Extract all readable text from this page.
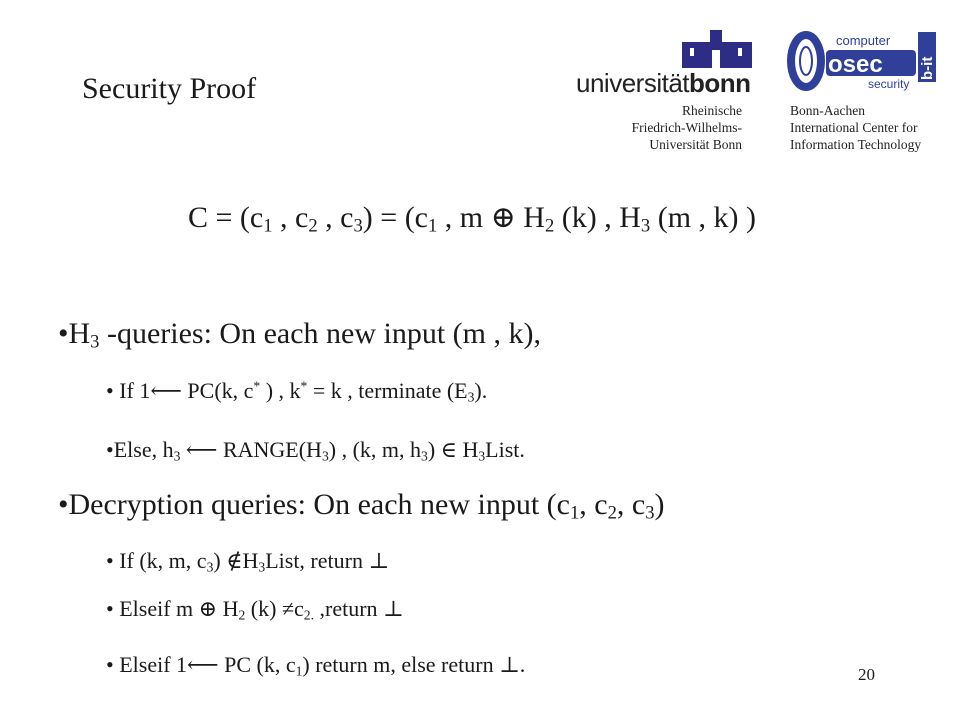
Security Proof	universitätbonn
Rheinische
Friedrich-Wilhelms-
Universität Bonn
osec
computer
security
b-it
Bonn-Aachen
International Center for
Information Technology
$C = (c_1$ , $c_2$ , $c_3) = (c_1$ , m ⊕ $H_2$ (k) , $H_3$ (m , k) )
$•H_3$ -queries: On each new input (m , k),
• If 1⟵ PC(k, c* ) , k* = k , terminate $(E_3)$.
•Else, $h_3$ ⟵ $RANGE(H_3)$ , (k, m, $h_3$) ∈ $H_3List$.
•Decryption queries: On each new input ($c_1$, $c_2$, $c_3$)
• If (k, m, $c_3$) $\notin H_3List$, return ⊥
• Elseif m ⊕ $H_2$ $(k) \ne c_{2.}$ ,return ⊥
• Elseif 1⟵ PC (k, $c_1$) return m, else return ⊥.	20
